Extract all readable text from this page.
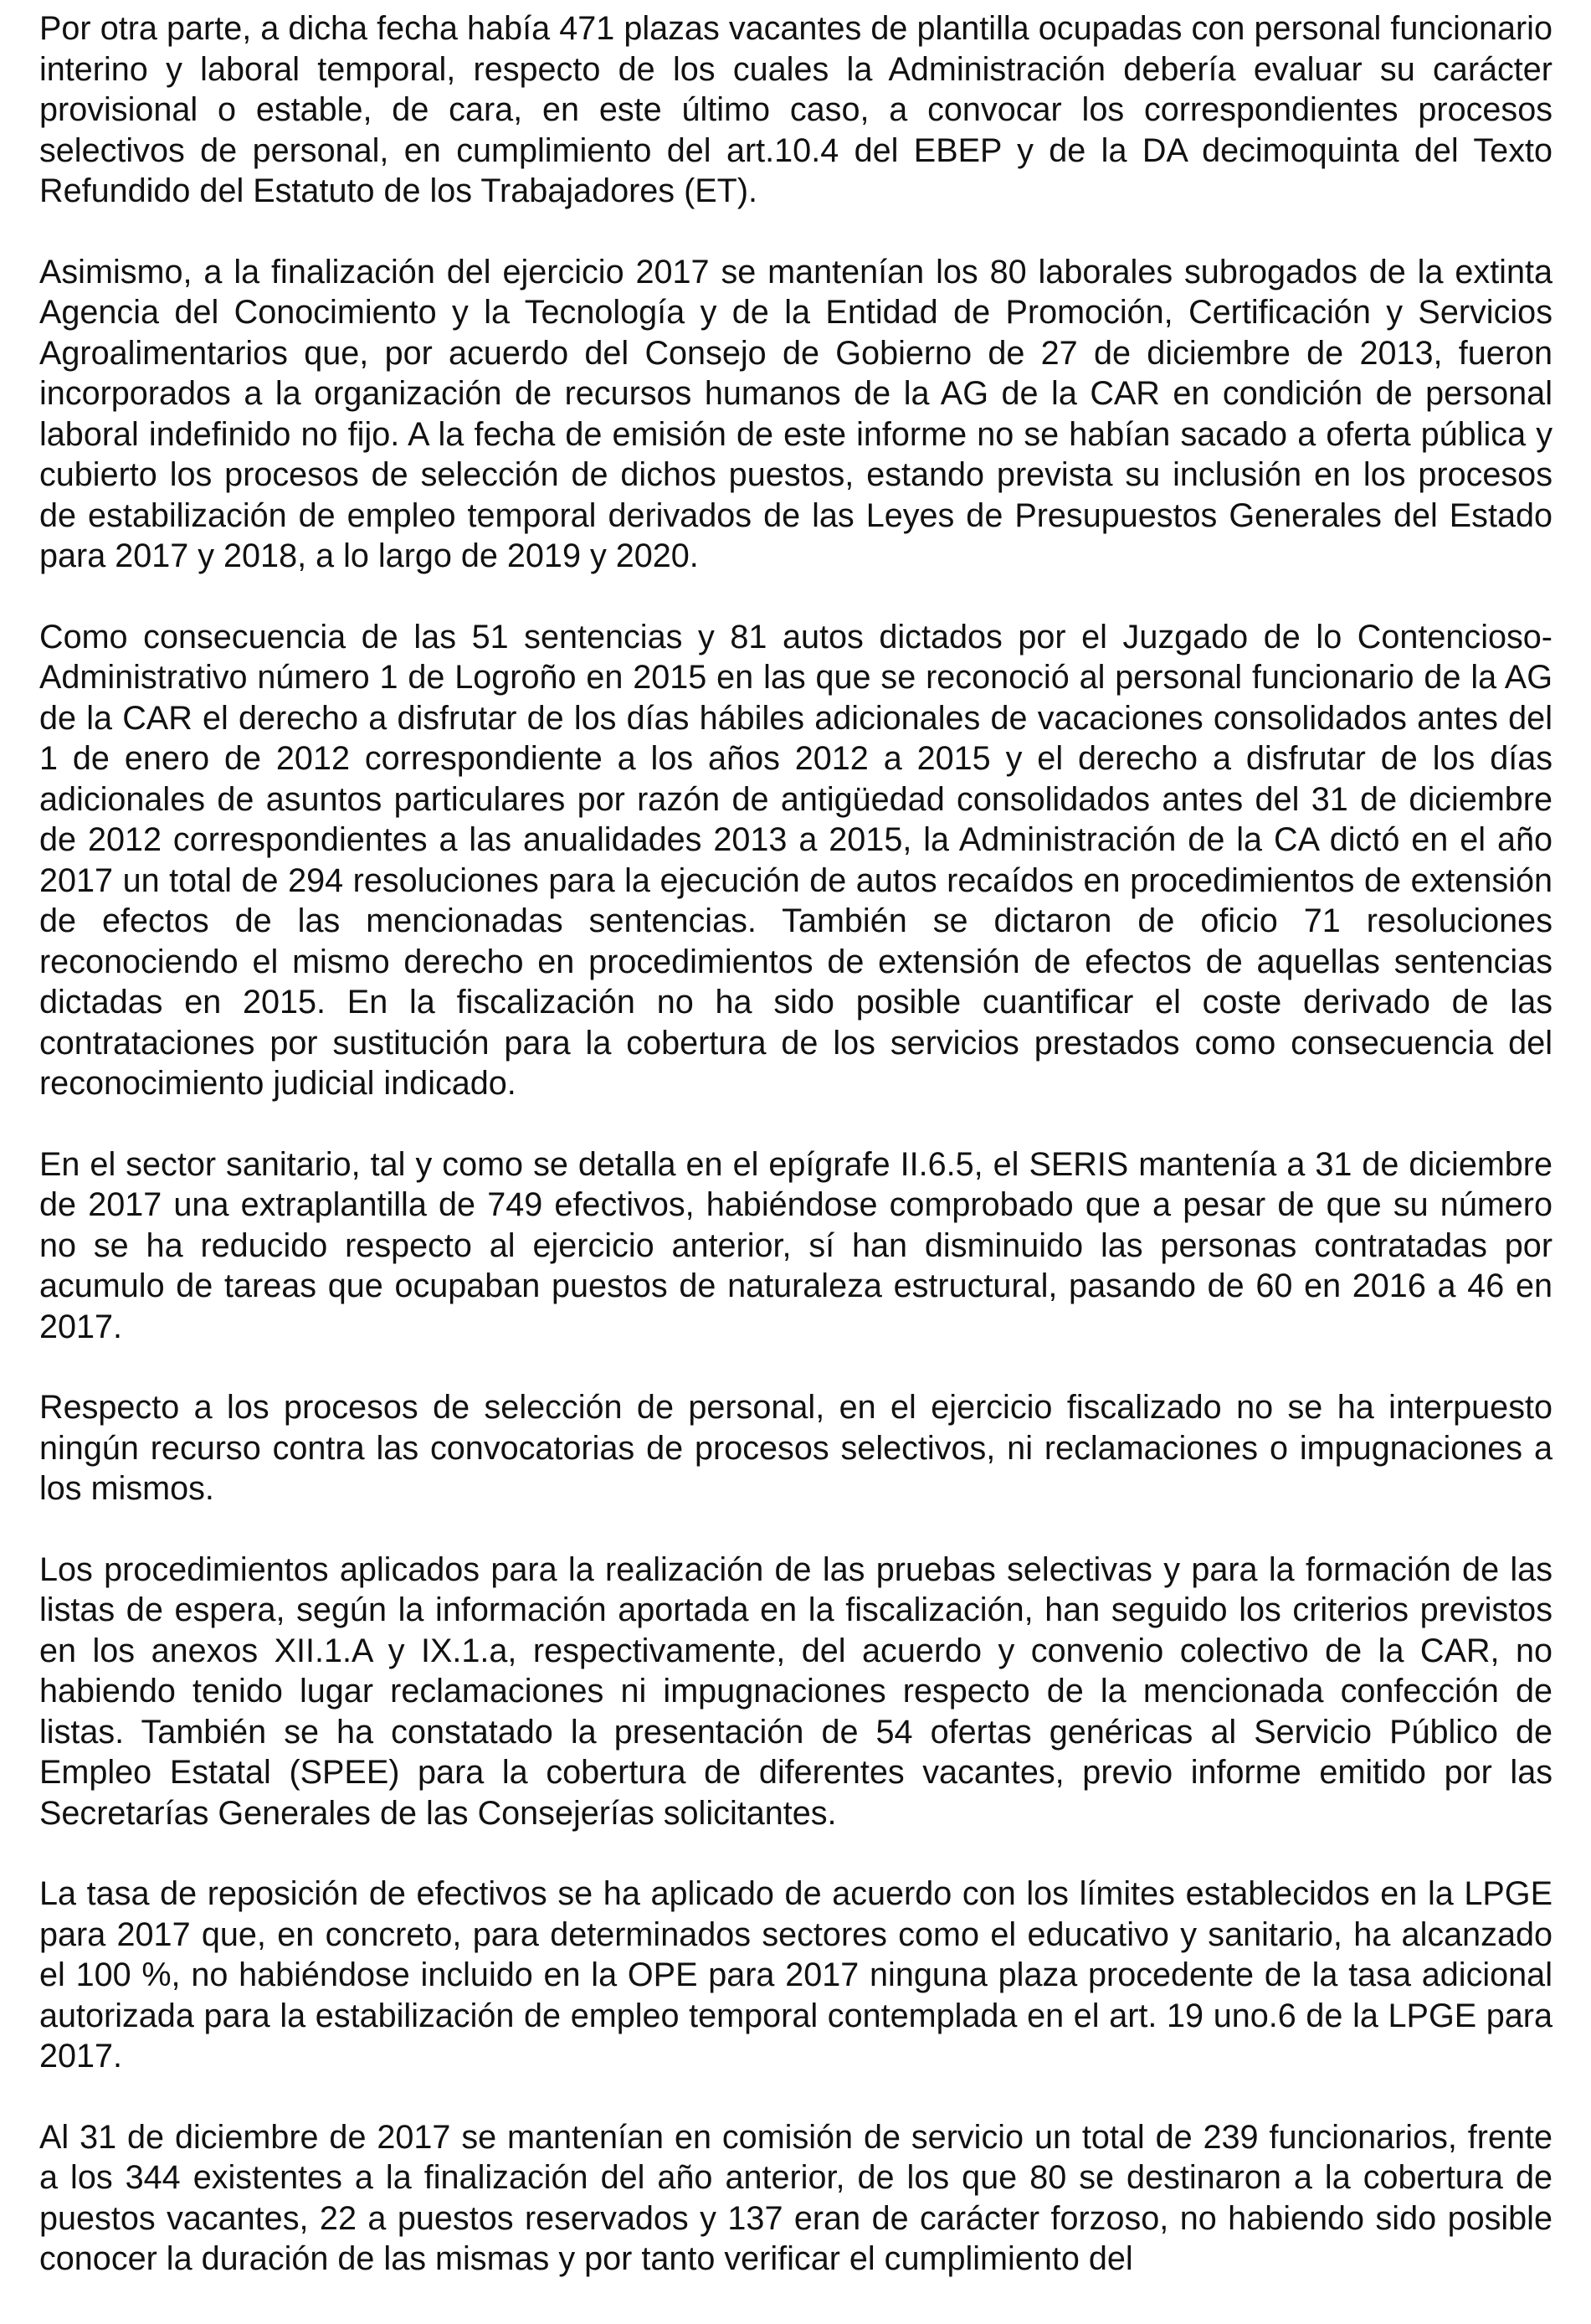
Por otra parte, a dicha fecha había 471 plazas vacantes de plantilla ocupadas con personal funcionario interino y laboral temporal, respecto de los cuales la Administración debería evaluar su carácter provisional o estable, de cara, en este último caso, a convocar los correspondientes procesos selectivos de personal, en cumplimiento del art.10.4 del EBEP y de la DA decimoquinta del Texto Refundido del Estatuto de los Trabajadores (ET).

Asimismo, a la finalización del ejercicio 2017 se mantenían los 80 laborales subrogados de la extinta Agencia del Conocimiento y la Tecnología y de la Entidad de Promoción, Certificación y Servicios Agroalimentarios que, por acuerdo del Consejo de Gobierno de 27 de diciembre de 2013, fueron incorporados a la organización de recursos humanos de la AG de la CAR en condición de personal laboral indefinido no fijo. A la fecha de emisión de este informe no se habían sacado a oferta pública y cubierto los procesos de selección de dichos puestos, estando prevista su inclusión en los procesos de estabilización de empleo temporal derivados de las Leyes de Presupuestos Generales del Estado para 2017 y 2018, a lo largo de 2019 y 2020.

Como consecuencia de las 51 sentencias y 81 autos dictados por el Juzgado de lo Contencioso-Administrativo número 1 de Logroño en 2015 en las que se reconoció al personal funcionario de la AG de la CAR el derecho a disfrutar de los días hábiles adicionales de vacaciones consolidados antes del 1 de enero de 2012 correspondiente a los años 2012 a 2015 y el derecho a disfrutar de los días adicionales de asuntos particulares por razón de antigüedad consolidados antes del 31 de diciembre de 2012 correspondientes a las anualidades 2013 a 2015, la Administración de la CA dictó en el año 2017 un total de 294 resoluciones para la ejecución de autos recaídos en procedimientos de extensión de efectos de las mencionadas sentencias. También se dictaron de oficio 71 resoluciones reconociendo el mismo derecho en procedimientos de extensión de efectos de aquellas sentencias dictadas en 2015. En la fiscalización no ha sido posible cuantificar el coste derivado de las contrataciones por sustitución para la cobertura de los servicios prestados como consecuencia del reconocimiento judicial indicado.

En el sector sanitario, tal y como se detalla en el epígrafe II.6.5, el SERIS mantenía a 31 de diciembre de 2017 una extraplantilla de 749 efectivos, habiéndose comprobado que a pesar de que su número no se ha reducido respecto al ejercicio anterior, sí han disminuido las personas contratadas por acumulo de tareas que ocupaban puestos de naturaleza estructural, pasando de 60 en 2016 a 46 en 2017.

Respecto a los procesos de selección de personal, en el ejercicio fiscalizado no se ha interpuesto ningún recurso contra las convocatorias de procesos selectivos, ni reclamaciones o impugnaciones a los mismos.

Los procedimientos aplicados para la realización de las pruebas selectivas y para la formación de las listas de espera, según la información aportada en la fiscalización, han seguido los criterios previstos en los anexos XII.1.A y IX.1.a, respectivamente, del acuerdo y convenio colectivo de la CAR, no habiendo tenido lugar reclamaciones ni impugnaciones respecto de la mencionada confección de listas. También se ha constatado la presentación de 54 ofertas genéricas al Servicio Público de Empleo Estatal (SPEE) para la cobertura de diferentes vacantes, previo informe emitido por las Secretarías Generales de las Consejerías solicitantes.

La tasa de reposición de efectivos se ha aplicado de acuerdo con los límites establecidos en la LPGE para 2017 que, en concreto, para determinados sectores como el educativo y sanitario, ha alcanzado el 100 %, no habiéndose incluido en la OPE para 2017 ninguna plaza procedente de la tasa adicional autorizada para la estabilización de empleo temporal contemplada en el art. 19 uno.6 de la LPGE para 2017.

Al 31 de diciembre de 2017 se mantenían en comisión de servicio un total de 239 funcionarios, frente a los 344 existentes a la finalización del año anterior, de los que 80 se destinaron a la cobertura de puestos vacantes, 22 a puestos reservados y 137 eran de carácter forzoso, no habiendo sido posible conocer la duración de las mismas y por tanto verificar el cumplimiento del
